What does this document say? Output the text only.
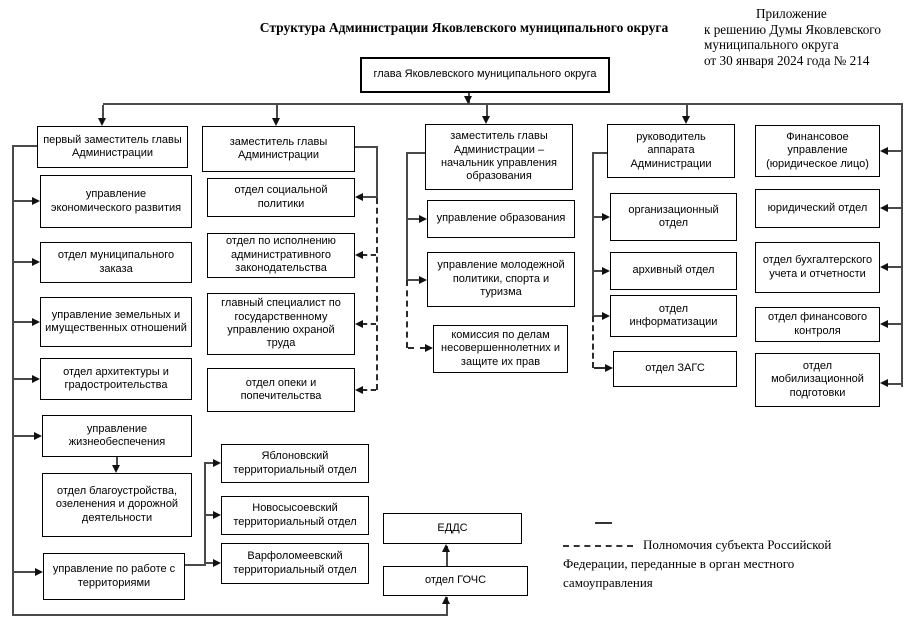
Структура Администрации Яковлевского муниципального округа
Приложение
к решению Думы Яковлевского
муниципального округа
от 30 января 2024 года № 214
глава Яковлевского муниципального округа
первый заместитель главы Администрации
управление экономического развития
отдел муниципального заказа
управление земельных и имущественных отношений
отдел архитектуры и градостроительства
управление жизнеобеспечения
отдел благоустройства, озеленения и дорожной деятельности
управление по работе с территориями
заместитель главы Администрации
отдел социальной политики
отдел по исполнению административного законодательства
главный специалист по государственному управлению охраной труда
отдел опеки и попечительства
заместитель главы Администрации – начальник управления образования
управление образования
управление молодежной политики, спорта и туризма
комиссия по делам несовершеннолетних и защите их прав
руководитель аппарата Администрации
организационный отдел
архивный отдел
отдел информатизации
отдел ЗАГС
Финансовое управление (юридическое лицо)
юридический отдел
отдел бухгалтерского учета и отчетности
отдел финансового контроля
отдел мобилизационной подготовки
Яблоновский территориальный отдел
Новосысоевский территориальный отдел
Варфоломеевский территориальный отдел
ЕДДС
отдел ГОЧС
Полномочия субъекта Российской Федерации, переданные в орган местного самоуправления
